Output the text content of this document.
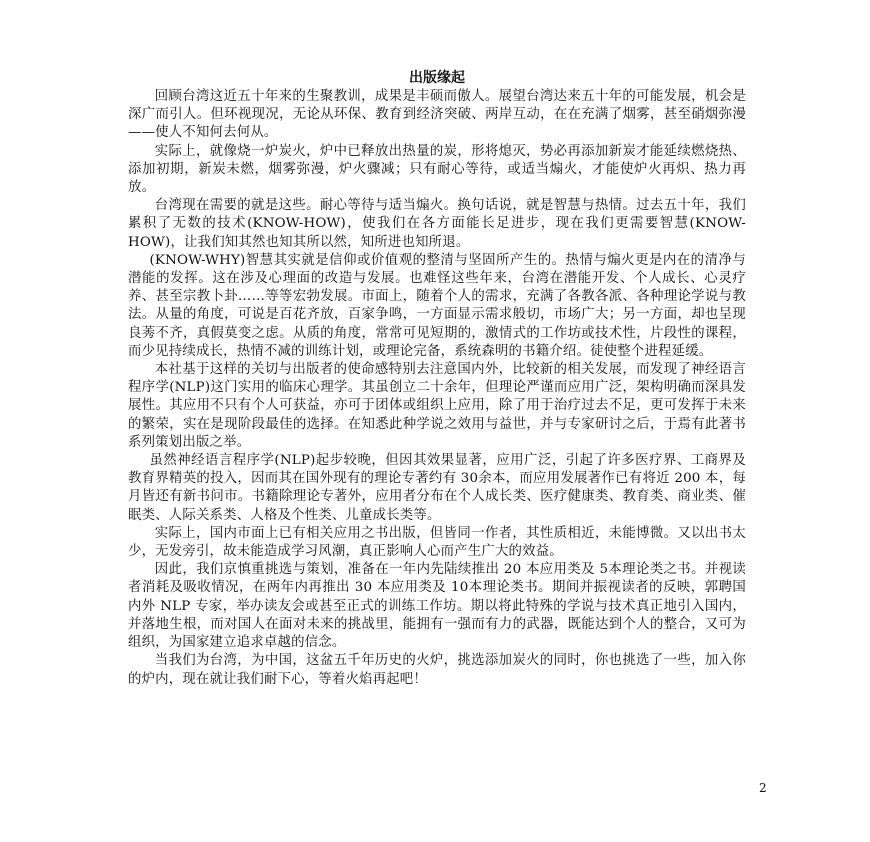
出版缘起

回顾台湾这近五十年来的生聚教训，成果是丰硕而傲人。展望台湾达来五十年的可能发展，机会是深广而引人。但环视现况，无论从环保、教育到经济突破、两岸互动，在在充满了烟雾，甚至硝烟弥漫——使人不知何去何从。

实际上，就像烧一炉炭火，炉中已释放出热量的炭，形将熄灭，势必再添加新炭才能延续燃烧热、添加初期，新炭未燃，烟雾弥漫，炉火骤减；只有耐心等待，或适当煽火，才能使炉火再炽、热力再放。

台湾现在需要的就是这些。耐心等待与适当煽火。换句话说，就是智慧与热情。过去五十年，我们累积了无数的技术(KNOW-HOW)，使我们在各方面能长足进步，现在我们更需要智慧(KNOW-HOW)，让我们知其然也知其所以然，知所进也知所退。

(KNOW-WHY)智慧其实就是信仰或价值观的整清与坚固所产生的。热情与煽火更是内在的清净与潜能的发挥。这在涉及心理面的改造与发展。也难怪这些年来，台湾在潜能开发、个人成长、心灵疗养、甚至宗教卜卦……等等宏勃发展。市面上，随着个人的需求，充满了各教各派、各种理论学说与教法。从量的角度，可说是百花齐放，百家争鸣，一方面显示需求般切，市场广大；另一方面，却也呈现良莠不齐，真假莫变之虑。从质的角度，常常可见短期的，激情式的工作坊或技术性，片段性的课程，而少见持续成长，热情不减的训练计划，或理论完备，系统森明的书籍介绍。徒使整个进程延缓。

本社基于这样的关切与出版者的使命感特别去注意国内外，比较新的相关发展，而发现了神经语言程序学(NLP)这门实用的临床心理学。其虽创立二十余年，但理论严谨而应用广泛，架构明确而深具发展性。其应用不只有个人可获益，亦可于团体或组织上应用，除了用于治疗过去不足，更可发挥于未来的繁荣，实在是现阶段最佳的选择。在知悉此种学说之效用与益世，并与专家研讨之后，于焉有此著书系列策划出版之举。

虽然神经语言程序学(NLP)起步较晚，但因其效果显著，应用广泛，引起了许多医疗界、工商界及教育界精英的投入，因而其在国外现有的理论专著约有 30余本，而应用发展著作已有将近 200 本，每月皆还有新书问市。书籍除理论专著外，应用者分布在个人成长类、医疗健康类、教育类、商业类、催眠类、人际关系类、人格及个性类、儿童成长类等。

实际上，国内市面上已有相关应用之书出版，但皆同一作者，其性质相近，未能博微。又以出书太少，无发旁引，故未能造成学习风潮，真正影响人心而产生广大的效益。

因此，我们京慎重挑选与策划，准备在一年内先陆续推出 20 本应用类及 5本理论类之书。并视读者消耗及吸收情况，在两年内再推出 30 本应用类及 10本理论类书。期间并振视读者的反映，郭聘国内外 NLP 专家，举办读友会或甚至正式的训练工作坊。期以将此特殊的学说与技术真正地引入国内，并落地生根，而对国人在面对未来的挑战里，能拥有一强而有力的武器，既能达到个人的整合，又可为组织，为国家建立追求卓越的信念。

当我们为台湾，为中国，这盆五千年历史的火炉，挑选添加炭火的同时，你也挑选了一些，加入你的炉内，现在就让我们耐下心，等着火焰再起吧！

2
